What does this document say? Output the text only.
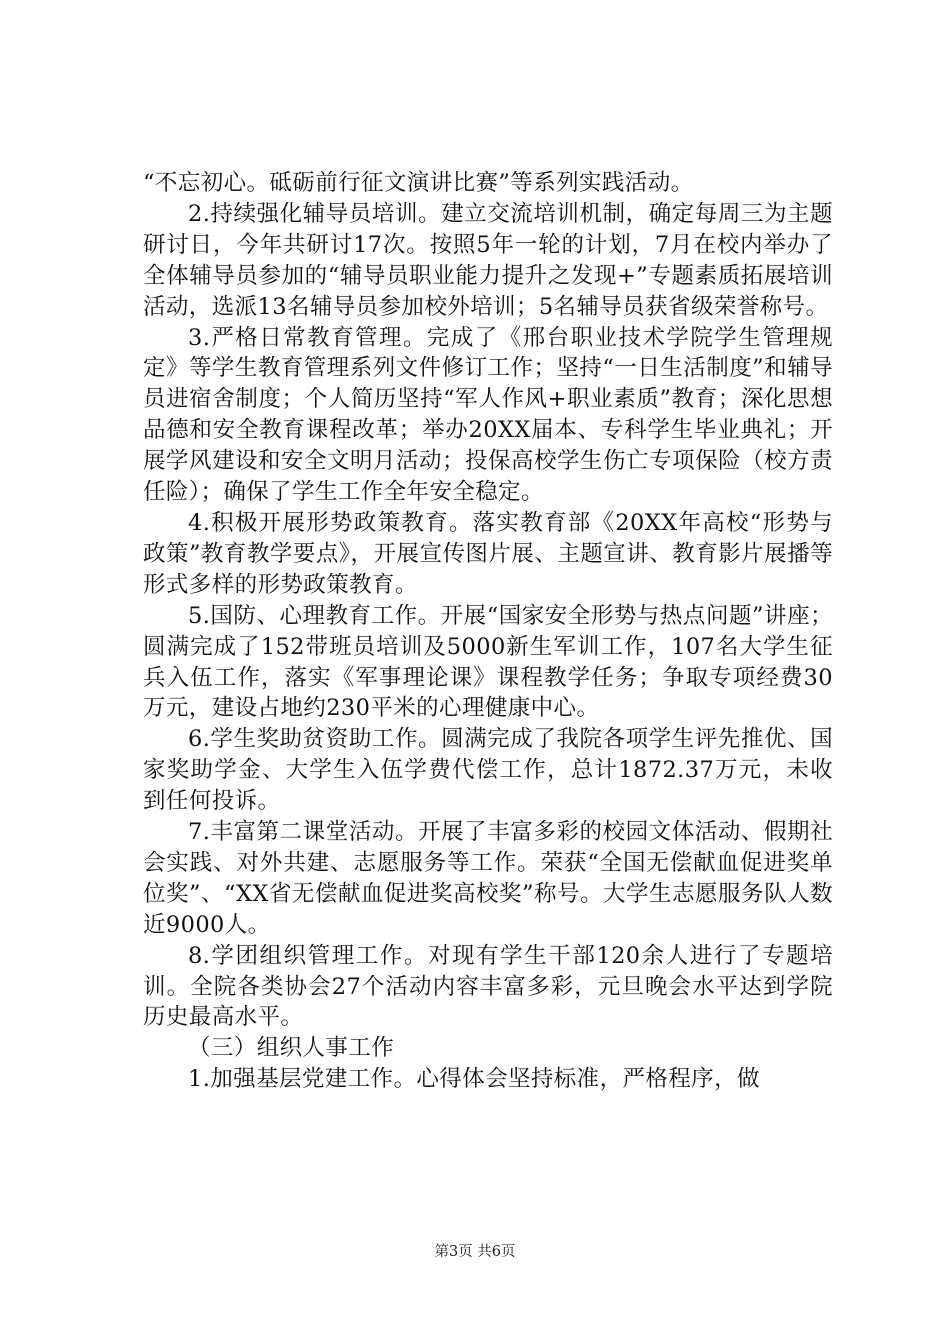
“不忘初心。砥砺前行征文演讲比赛”等系列实践活动。

2.持续强化辅导员培训。建立交流培训机制，确定每周三为主题研讨日，今年共研讨17次。按照5年一轮的计划，7月在校内举办了全体辅导员参加的“辅导员职业能力提升之发现+”专题素质拓展培训活动，选派13名辅导员参加校外培训；5名辅导员获省级荣誉称号。

3.严格日常教育管理。完成了《邢台职业技术学院学生管理规定》等学生教育管理系列文件修订工作；坚持“一日生活制度”和辅导员进宿舍制度；个人简历坚持“军人作风+职业素质”教育；深化思想品德和安全教育课程改革；举办20XX届本、专科学生毕业典礼；开展学风建设和安全文明月活动；投保高校学生伤亡专项保险（校方责任险）；确保了学生工作全年安全稳定。

4.积极开展形势政策教育。落实教育部《20XX年高校“形势与政策”教育教学要点》，开展宣传图片展、主题宣讲、教育影片展播等形式多样的形势政策教育。

5.国防、心理教育工作。开展“国家安全形势与热点问题”讲座；圆满完成了152带班员培训及5000新生军训工作，107名大学生征兵入伍工作，落实《军事理论课》课程教学任务；争取专项经费30万元，建设占地约230平米的心理健康中心。

6.学生奖助贫资助工作。圆满完成了我院各项学生评先推优、国家奖助学金、大学生入伍学费代偿工作，总计1872.37万元，未收到任何投诉。

7.丰富第二课堂活动。开展了丰富多彩的校园文体活动、假期社会实践、对外共建、志愿服务等工作。荣获“全国无偿献血促进奖单位奖”、“XX省无偿献血促进奖高校奖”称号。大学生志愿服务队人数近9000人。

8.学团组织管理工作。对现有学生干部120余人进行了专题培训。全院各类协会27个活动内容丰富多彩，元旦晚会水平达到学院历史最高水平。

（三）组织人事工作

1.加强基层党建工作。心得体会坚持标准，严格程序，做

第3页 共6页
